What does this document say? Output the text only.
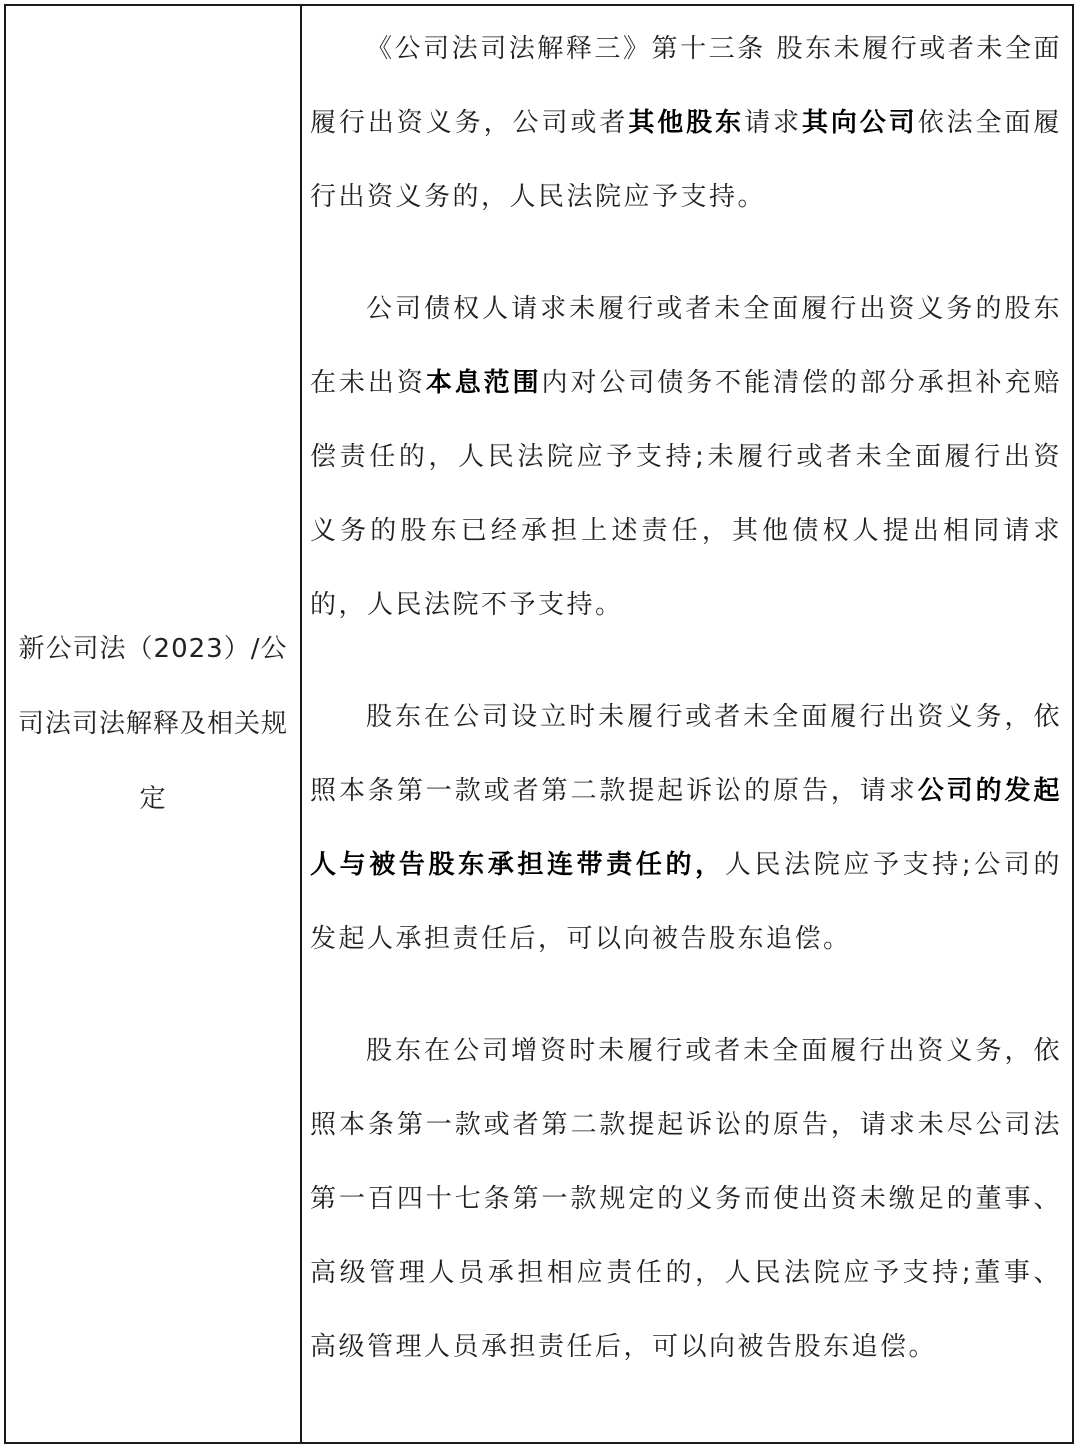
新公司法（2023）/公司法司法解释及相关规定

《公司法司法解释三》第十三条 股东未履行或者未全面履行出资义务，公司或者其他股东请求其向公司依法全面履行出资义务的，人民法院应予支持。

公司债权人请求未履行或者未全面履行出资义务的股东在未出资本息范围内对公司债务不能清偿的部分承担补充赔偿责任的，人民法院应予支持;未履行或者未全面履行出资义务的股东已经承担上述责任，其他债权人提出相同请求的，人民法院不予支持。

股东在公司设立时未履行或者未全面履行出资义务，依照本条第一款或者第二款提起诉讼的原告，请求公司的发起人与被告股东承担连带责任的，人民法院应予支持;公司的发起人承担责任后，可以向被告股东追偿。

股东在公司增资时未履行或者未全面履行出资义务，依照本条第一款或者第二款提起诉讼的原告，请求未尽公司法第一百四十七条第一款规定的义务而使出资未缴足的董事、高级管理人员承担相应责任的，人民法院应予支持;董事、高级管理人员承担责任后，可以向被告股东追偿。
